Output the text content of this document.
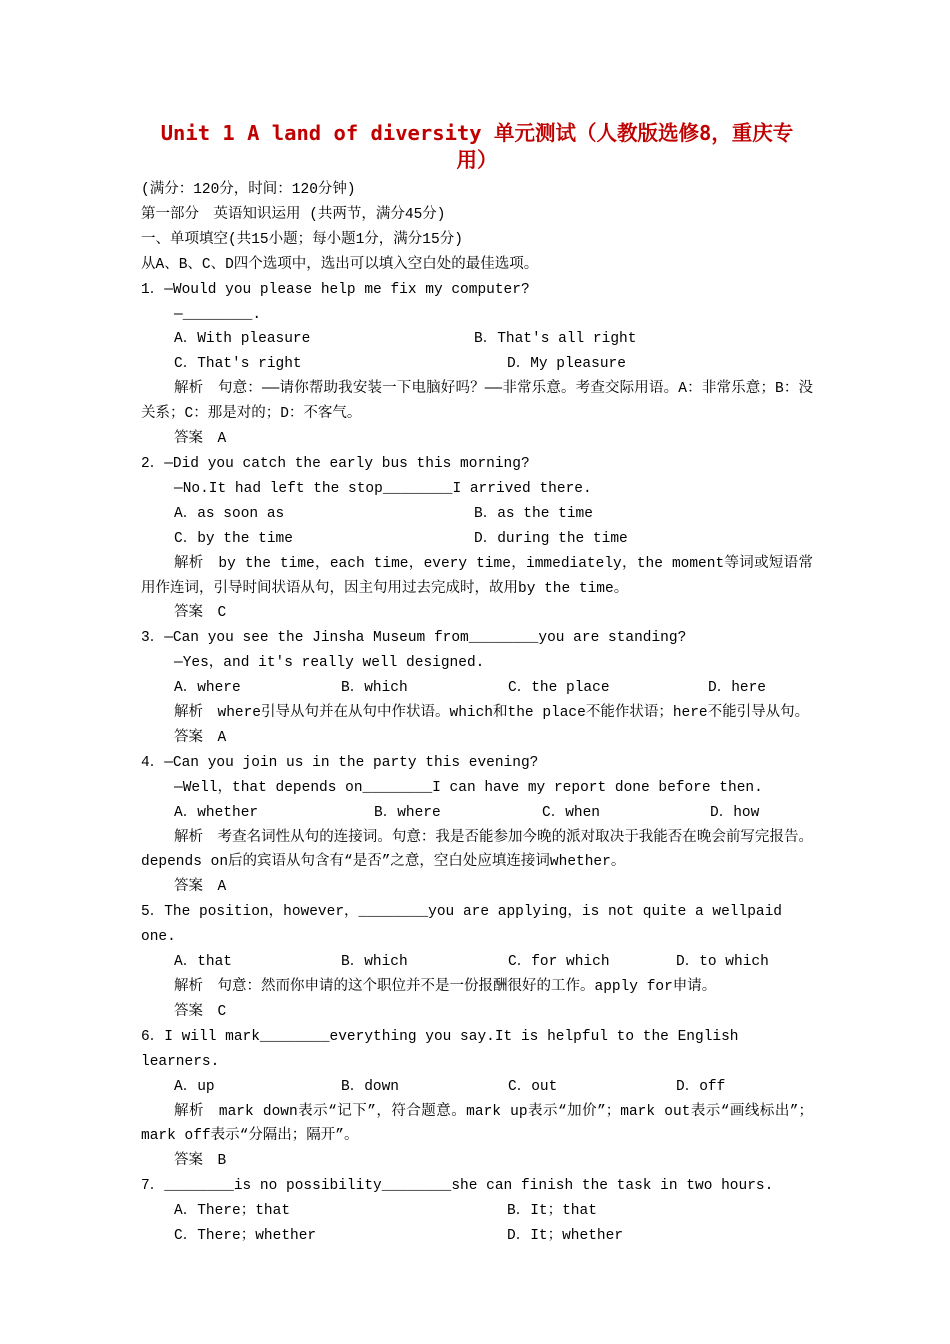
Unit 1 A land of diversity 单元测试（人教版选修8，重庆专用）

(满分：120分，时间：120分钟)

第一部分　英语知识运用 (共两节，满分45分)

一、单项填空(共15小题；每小题1分，满分15分)

从A、B、C、D四个选项中，选出可以填入空白处的最佳选项。

1．—Would you please help me fix my computer?

—________.

A．With pleasure	B．That's all right
C．That's right	D．My pleasure

解析　句意：——请你帮助我安装一下电脑好吗？——非常乐意。考查交际用语。A：非常乐意；B：没关系；C：那是对的；D：不客气。

答案　A

2．—Did you catch the early bus this morning?

—No.It had left the stop________I arrived there.

A．as soon as	B．as the time
C．by the time	D．during the time

解析　by the time，each time，every time，immediately，the moment等词或短语常用作连词，引导时间状语从句，因主句用过去完成时，故用by the time。

答案　C

3．—Can you see the Jinsha Museum from________you are standing?

—Yes，and it's really well designed.

A．where	B．which	C．the place	D．here

解析　where引导从句并在从句中作状语。which和the place不能作状语；here不能引导从句。

答案　A

4．—Can you join us in the party this evening?

—Well，that depends on________I can have my report done before then.

A．whether	B．where	C．when	D．how

解析　考查名词性从句的连接词。句意：我是否能参加今晚的派对取决于我能否在晚会前写完报告。depends on后的宾语从句含有“是否”之意，空白处应填连接词whether。

答案　A

5．The position，however，________you are applying，is not quite a wellpaid one.

A．that	B．which	C．for which	D．to which

解析　句意：然而你申请的这个职位并不是一份报酬很好的工作。apply for申请。

答案　C

6．I will mark________everything you say.It is helpful to the English learners.

A．up	B．down	C．out	D．off

解析　mark down表示“记下”，符合题意。mark up表示“加价”；mark out表示“画线标出”；mark off表示“分隔出；隔开”。

答案　B

7．________is no possibility________she can finish the task in two hours.

A．There；that	B．It；that
C．There；whether	D．It；whether
